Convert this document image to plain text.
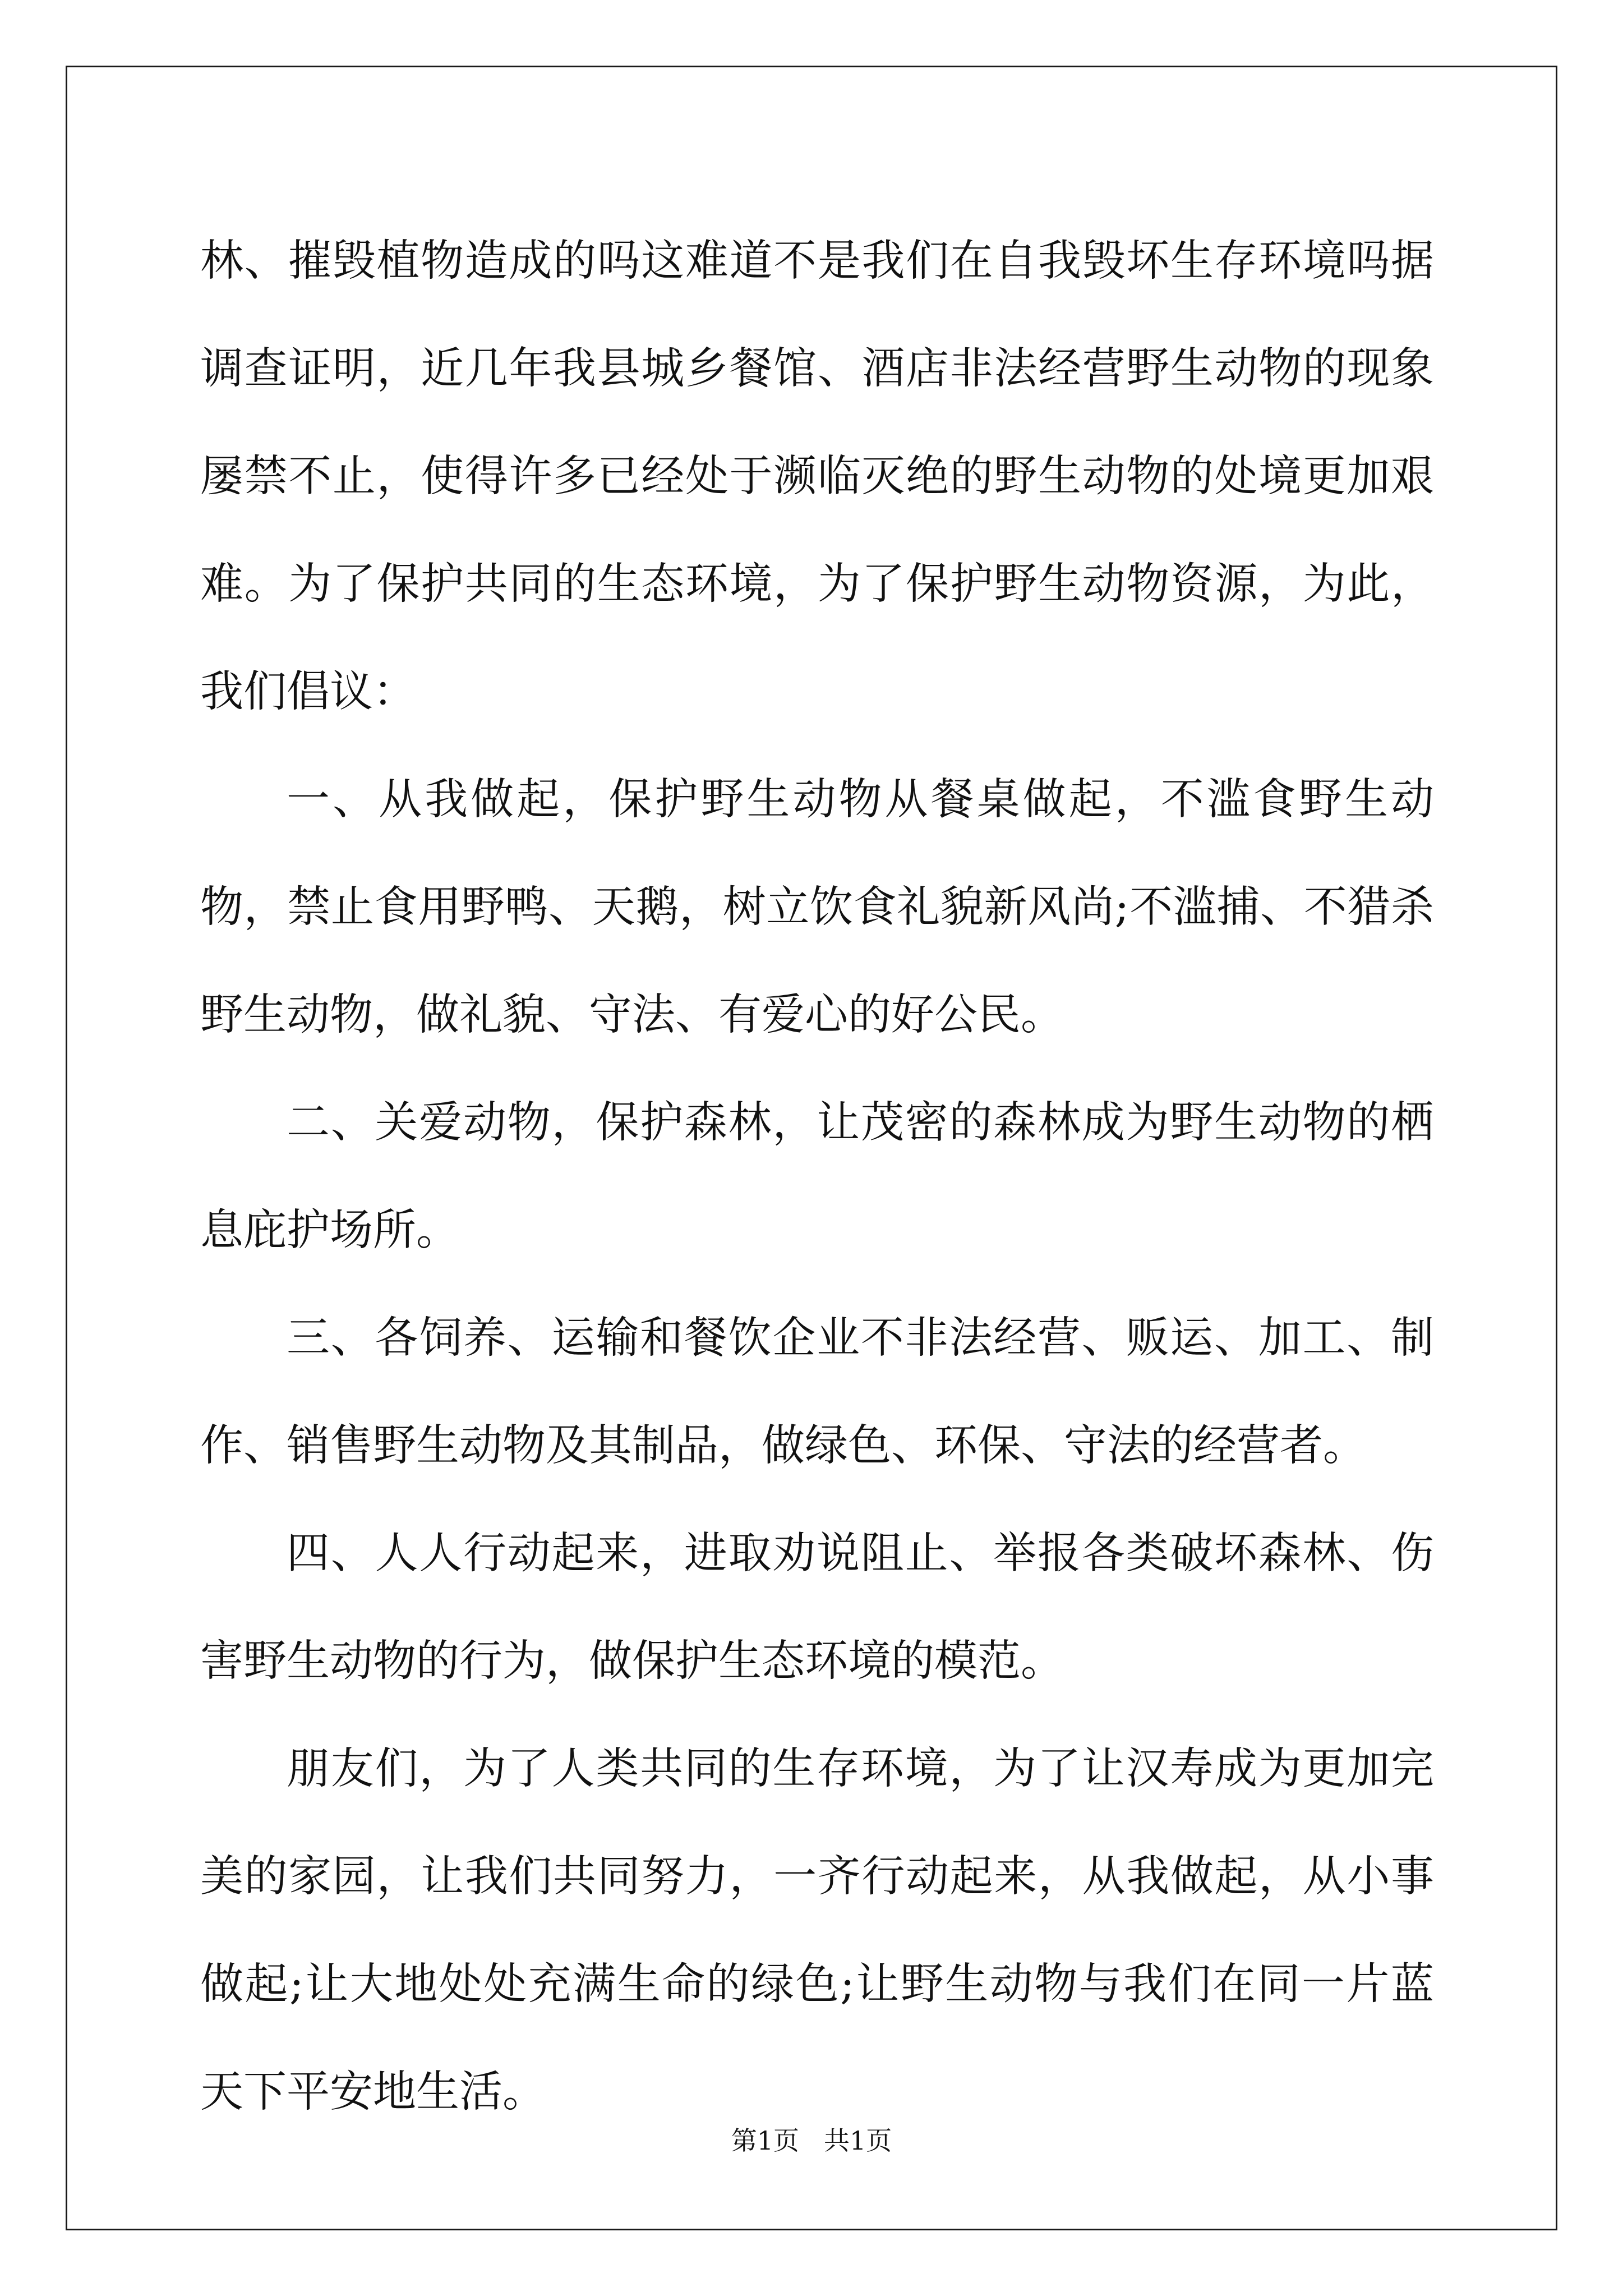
林、摧毁植物造成的吗这难道不是我们在自我毁坏生存环境吗据调查证明，近几年我县城乡餐馆、酒店非法经营野生动物的现象屡禁不止，使得许多已经处于濒临灭绝的野生动物的处境更加艰难。为了保护共同的生态环境，为了保护野生动物资源，为此，我们倡议：

一、从我做起，保护野生动物从餐桌做起，不滥食野生动物，禁止食用野鸭、天鹅，树立饮食礼貌新风尚;不滥捕、不猎杀野生动物，做礼貌、守法、有爱心的好公民。

二、关爱动物，保护森林，让茂密的森林成为野生动物的栖息庇护场所。

三、各饲养、运输和餐饮企业不非法经营、贩运、加工、制作、销售野生动物及其制品，做绿色、环保、守法的经营者。

四、人人行动起来，进取劝说阻止、举报各类破坏森林、伤害野生动物的行为，做保护生态环境的模范。

朋友们，为了人类共同的生存环境，为了让汉寿成为更加完美的家园，让我们共同努力，一齐行动起来，从我做起，从小事做起;让大地处处充满生命的绿色;让野生动物与我们在同一片蓝天下平安地生活。

第1页 共1页
